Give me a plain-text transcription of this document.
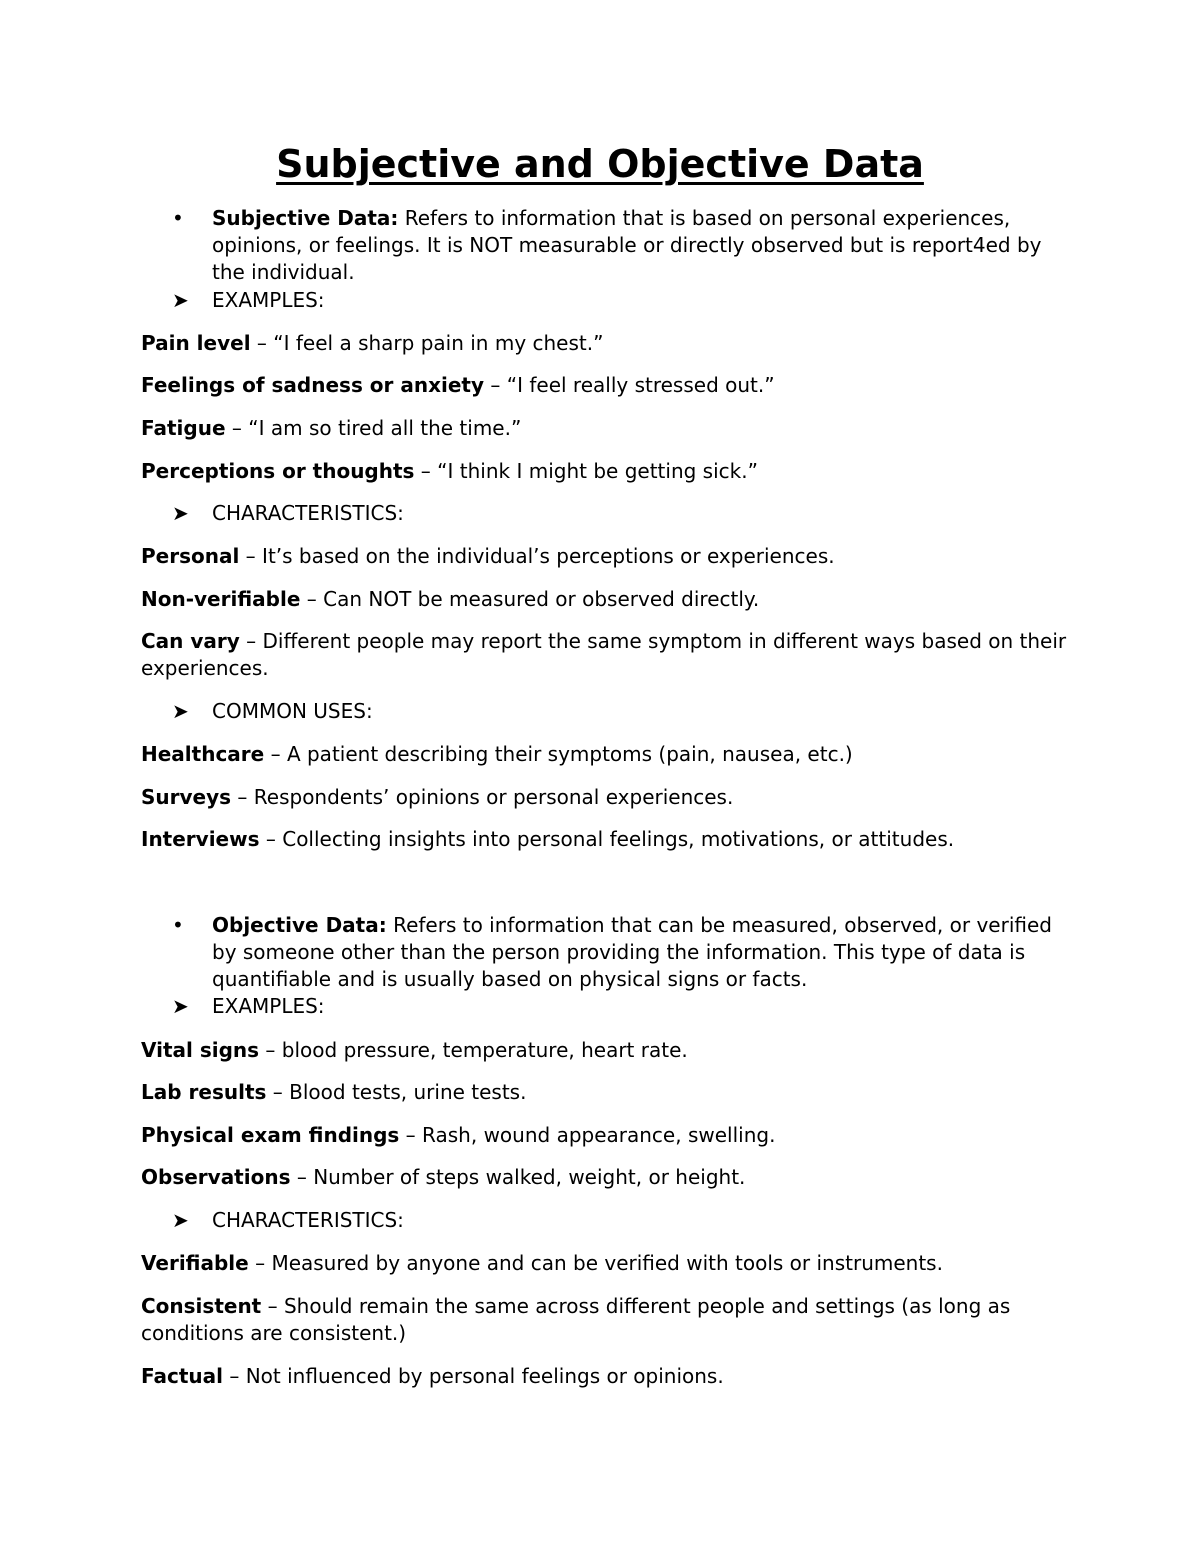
Subjective and Objective Data
•	Subjective Data: Refers to information that is based on personal experiences, opinions, or feelings. It is NOT measurable or directly observed but is report4ed by the individual.
➤ EXAMPLES:

Pain level – “I feel a sharp pain in my chest.”

Feelings of sadness or anxiety – “I feel really stressed out.”

Fatigue – “I am so tired all the time.”

Perceptions or thoughts – “I think I might be getting sick.”

➤ CHARACTERISTICS:

Personal – It’s based on the individual’s perceptions or experiences.

Non-verifiable – Can NOT be measured or observed directly.

Can vary – Different people may report the same symptom in different ways based on their experiences.

➤ COMMON USES:

Healthcare – A patient describing their symptoms (pain, nausea, etc.)

Surveys – Respondents’ opinions or personal experiences.

Interviews – Collecting insights into personal feelings, motivations, or attitudes.

•	Objective Data: Refers to information that can be measured, observed, or verified by someone other than the person providing the information. This type of data is quantifiable and is usually based on physical signs or facts.
➤ EXAMPLES:

Vital signs – blood pressure, temperature, heart rate.

Lab results – Blood tests, urine tests.

Physical exam findings – Rash, wound appearance, swelling.

Observations – Number of steps walked, weight, or height.

➤ CHARACTERISTICS:

Verifiable – Measured by anyone and can be verified with tools or instruments.

Consistent – Should remain the same across different people and settings (as long as conditions are consistent.)

Factual – Not influenced by personal feelings or opinions.
